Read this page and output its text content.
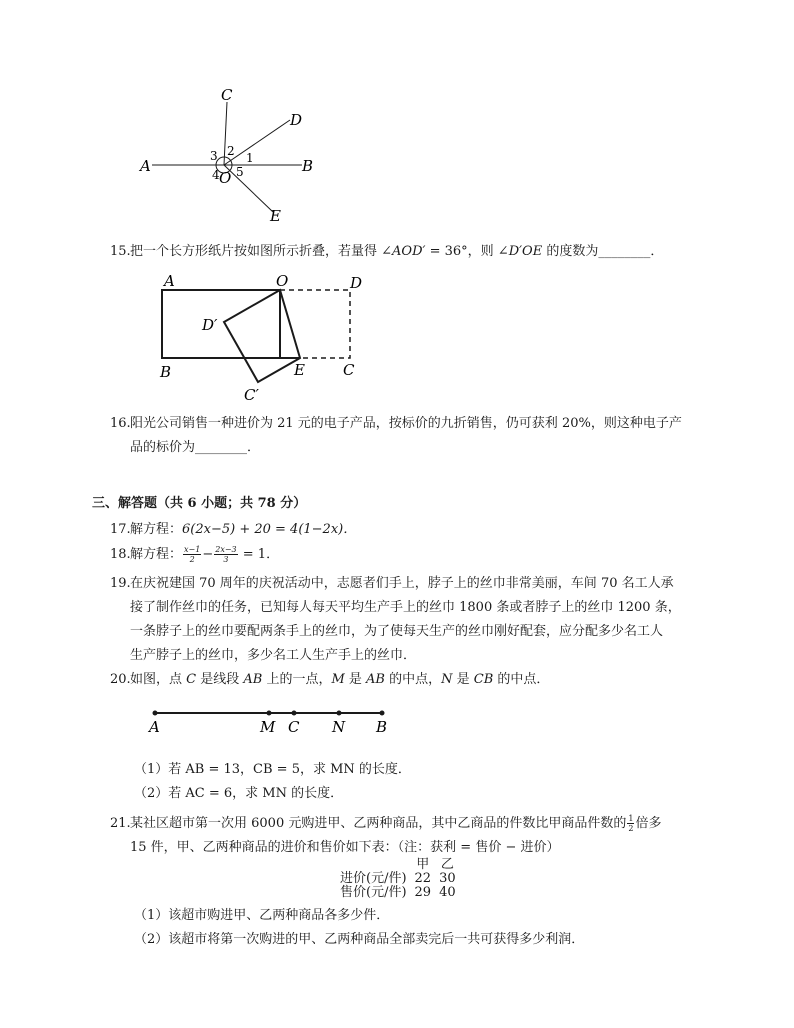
C
D
A	B
E
O
1
2
3
4 5
15.把一个长方形纸片按如图所示折叠，若量得 ∠AOD′ = 36°，则 ∠D′OE 的度数为________．
A	O	D
D′
B	E	C
C′
16.阳光公司销售一种进价为 21 元的电子产品，按标价的九折销售，仍可获利 20%，则这种电子产
品的标价为________．
三、解答题（共 6 小题；共 78 分）
17.解方程：6(2x−5) + 20 = 4(1−2x)．
18.解方程： $\frac{x-1}{2} - \frac{2x-3}{3} = 1$．
19.在庆祝建国 70 周年的庆祝活动中，志愿者们手上，脖子上的丝巾非常美丽，车间 70 名工人承
接了制作丝巾的任务，已知每人每天平均生产手上的丝巾 1800 条或者脖子上的丝巾 1200 条，
一条脖子上的丝巾要配两条手上的丝巾，为了使每天生产的丝巾刚好配套，应分配多少名工人
生产脖子上的丝巾，多少名工人生产手上的丝巾．
20.如图，点 C 是线段 AB 上的一点，M 是 AB 的中点，N 是 CB 的中点．
A	M C N B
（1）若 AB = 13，CB = 5，求 MN 的长度．
（2）若 AC = 6，求 MN 的长度．
21.某社区超市第一次用 6000 元购进甲、乙两种商品，其中乙商品的件数比甲商品件数的 $\frac{1}{2}$ 倍多
15 件，甲、乙两种商品的进价和售价如下表：（注：获利 = 售价 − 进价）
	甲	乙
进价(元/件)	22	30
售价(元/件)	29	40
（1）该超市购进甲、乙两种商品各多少件．
（2）该超市将第一次购进的甲、乙两种商品全部卖完后一共可获得多少利润．
